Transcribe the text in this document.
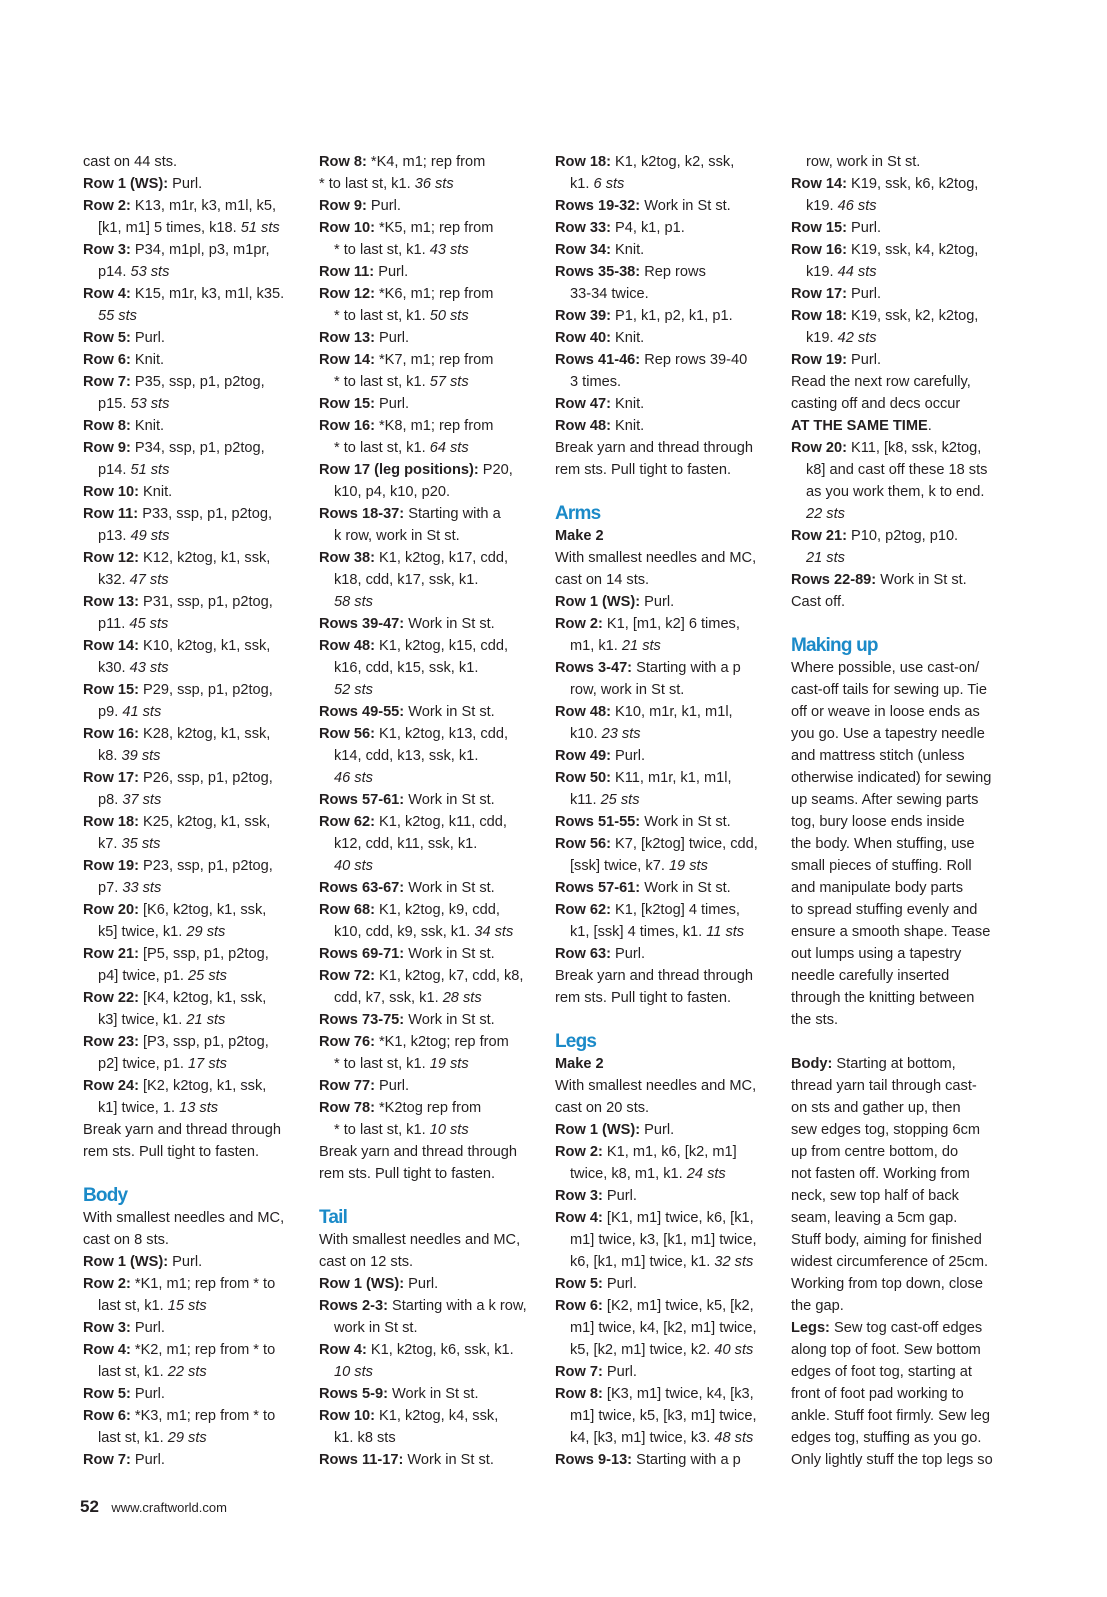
cast on 44 sts.
Row 1 (WS): Purl.
Row 2: K13, m1r, k3, m1l, k5,
[k1, m1] 5 times, k18. 51 sts
Row 3: P34, m1pl, p3, m1pr,
p14. 53 sts
Row 4: K15, m1r, k3, m1l, k35.
55 sts
Row 5: Purl.
Row 6: Knit.
Row 7: P35, ssp, p1, p2tog,
p15. 53 sts
Row 8: Knit.
Row 9: P34, ssp, p1, p2tog,
p14. 51 sts
Row 10: Knit.
Row 11: P33, ssp, p1, p2tog,
p13. 49 sts
Row 12: K12, k2tog, k1, ssk,
k32. 47 sts
Row 13: P31, ssp, p1, p2tog,
p11. 45 sts
Row 14: K10, k2tog, k1, ssk,
k30. 43 sts
Row 15: P29, ssp, p1, p2tog,
p9. 41 sts
Row 16: K28, k2tog, k1, ssk,
k8. 39 sts
Row 17: P26, ssp, p1, p2tog,
p8. 37 sts
Row 18: K25, k2tog, k1, ssk,
k7. 35 sts
Row 19: P23, ssp, p1, p2tog,
p7. 33 sts
Row 20: [K6, k2tog, k1, ssk,
k5] twice, k1. 29 sts
Row 21: [P5, ssp, p1, p2tog,
p4] twice, p1. 25 sts
Row 22: [K4, k2tog, k1, ssk,
k3] twice, k1. 21 sts
Row 23: [P3, ssp, p1, p2tog,
p2] twice, p1. 17 sts
Row 24: [K2, k2tog, k1, ssk,
k1] twice, 1. 13 sts
Break yarn and thread through
rem sts. Pull tight to fasten.
Body
With smallest needles and MC,
cast on 8 sts.
Row 1 (WS): Purl.
Row 2: *K1, m1; rep from * to
last st, k1. 15 sts
Row 3: Purl.
Row 4: *K2, m1; rep from * to
last st, k1. 22 sts
Row 5: Purl.
Row 6: *K3, m1; rep from * to
last st, k1. 29 sts
Row 7: Purl.
Row 8: *K4, m1; rep from
* to last st, k1. 36 sts
Row 9: Purl.
Row 10: *K5, m1; rep from
* to last st, k1. 43 sts
Row 11: Purl.
Row 12: *K6, m1; rep from
* to last st, k1. 50 sts
Row 13: Purl.
Row 14: *K7, m1; rep from
* to last st, k1. 57 sts
Row 15: Purl.
Row 16: *K8, m1; rep from
* to last st, k1. 64 sts
Row 17 (leg positions): P20,
k10, p4, k10, p20.
Rows 18-37: Starting with a
k row, work in St st.
Row 38: K1, k2tog, k17, cdd,
k18, cdd, k17, ssk, k1.
58 sts
Rows 39-47: Work in St st.
Row 48: K1, k2tog, k15, cdd,
k16, cdd, k15, ssk, k1.
52 sts
Rows 49-55: Work in St st.
Row 56: K1, k2tog, k13, cdd,
k14, cdd, k13, ssk, k1.
46 sts
Rows 57-61: Work in St st.
Row 62: K1, k2tog, k11, cdd,
k12, cdd, k11, ssk, k1.
40 sts
Rows 63-67: Work in St st.
Row 68: K1, k2tog, k9, cdd,
k10, cdd, k9, ssk, k1. 34 sts
Rows 69-71: Work in St st.
Row 72: K1, k2tog, k7, cdd, k8,
cdd, k7, ssk, k1. 28 sts
Rows 73-75: Work in St st.
Row 76: *K1, k2tog; rep from
* to last st, k1. 19 sts
Row 77: Purl.
Row 78: *K2tog rep from
* to last st, k1. 10 sts
Break yarn and thread through
rem sts. Pull tight to fasten.
Tail
With smallest needles and MC,
cast on 12 sts.
Row 1 (WS): Purl.
Rows 2-3: Starting with a k row,
work in St st.
Row 4: K1, k2tog, k6, ssk, k1.
10 sts
Rows 5-9: Work in St st.
Row 10: K1, k2tog, k4, ssk,
k1. k8 sts
Rows 11-17: Work in St st.
Row 18: K1, k2tog, k2, ssk,
k1. 6 sts
Rows 19-32: Work in St st.
Row 33: P4, k1, p1.
Row 34: Knit.
Rows 35-38: Rep rows
33-34 twice.
Row 39: P1, k1, p2, k1, p1.
Row 40: Knit.
Rows 41-46: Rep rows 39-40
3 times.
Row 47: Knit.
Row 48: Knit.
Break yarn and thread through
rem sts. Pull tight to fasten.
Arms
Make 2
With smallest needles and MC,
cast on 14 sts.
Row 1 (WS): Purl.
Row 2: K1, [m1, k2] 6 times,
m1, k1. 21 sts
Rows 3-47: Starting with a p
row, work in St st.
Row 48: K10, m1r, k1, m1l,
k10. 23 sts
Row 49: Purl.
Row 50: K11, m1r, k1, m1l,
k11. 25 sts
Rows 51-55: Work in St st.
Row 56: K7, [k2tog] twice, cdd,
[ssk] twice, k7. 19 sts
Rows 57-61: Work in St st.
Row 62: K1, [k2tog] 4 times,
k1, [ssk] 4 times, k1. 11 sts
Row 63: Purl.
Break yarn and thread through
rem sts. Pull tight to fasten.
Legs
Make 2
With smallest needles and MC,
cast on 20 sts.
Row 1 (WS): Purl.
Row 2: K1, m1, k6, [k2, m1]
twice, k8, m1, k1. 24 sts
Row 3: Purl.
Row 4: [K1, m1] twice, k6, [k1,
m1] twice, k3, [k1, m1] twice,
k6, [k1, m1] twice, k1. 32 sts
Row 5: Purl.
Row 6: [K2, m1] twice, k5, [k2,
m1] twice, k4, [k2, m1] twice,
k5, [k2, m1] twice, k2. 40 sts
Row 7: Purl.
Row 8: [K3, m1] twice, k4, [k3,
m1] twice, k5, [k3, m1] twice,
k4, [k3, m1] twice, k3. 48 sts
Rows 9-13: Starting with a p
row, work in St st.
Row 14: K19, ssk, k6, k2tog,
k19. 46 sts
Row 15: Purl.
Row 16: K19, ssk, k4, k2tog,
k19. 44 sts
Row 17: Purl.
Row 18: K19, ssk, k2, k2tog,
k19. 42 sts
Row 19: Purl.
Read the next row carefully,
casting off and decs occur
AT THE SAME TIME.
Row 20: K11, [k8, ssk, k2tog,
k8] and cast off these 18 sts
as you work them, k to end.
22 sts
Row 21: P10, p2tog, p10.
21 sts
Rows 22-89: Work in St st.
Cast off.
Making up
Where possible, use cast-on/
cast-off tails for sewing up. Tie
off or weave in loose ends as
you go. Use a tapestry needle
and mattress stitch (unless
otherwise indicated) for sewing
up seams. After sewing parts
tog, bury loose ends inside
the body. When stuffing, use
small pieces of stuffing. Roll
and manipulate body parts
to spread stuffing evenly and
ensure a smooth shape. Tease
out lumps using a tapestry
needle carefully inserted
through the knitting between
the sts.
Body: Starting at bottom,
thread yarn tail through cast-
on sts and gather up, then
sew edges tog, stopping 6cm
up from centre bottom, do
not fasten off. Working from
neck, sew top half of back
seam, leaving a 5cm gap.
Stuff body, aiming for finished
widest circumference of 25cm.
Working from top down, close
the gap.
Legs: Sew tog cast-off edges
along top of foot. Sew bottom
edges of foot tog, starting at
front of foot pad working to
ankle. Stuff foot firmly. Sew leg
edges tog, stuffing as you go.
Only lightly stuff the top legs so
52 www.craftworld.com
